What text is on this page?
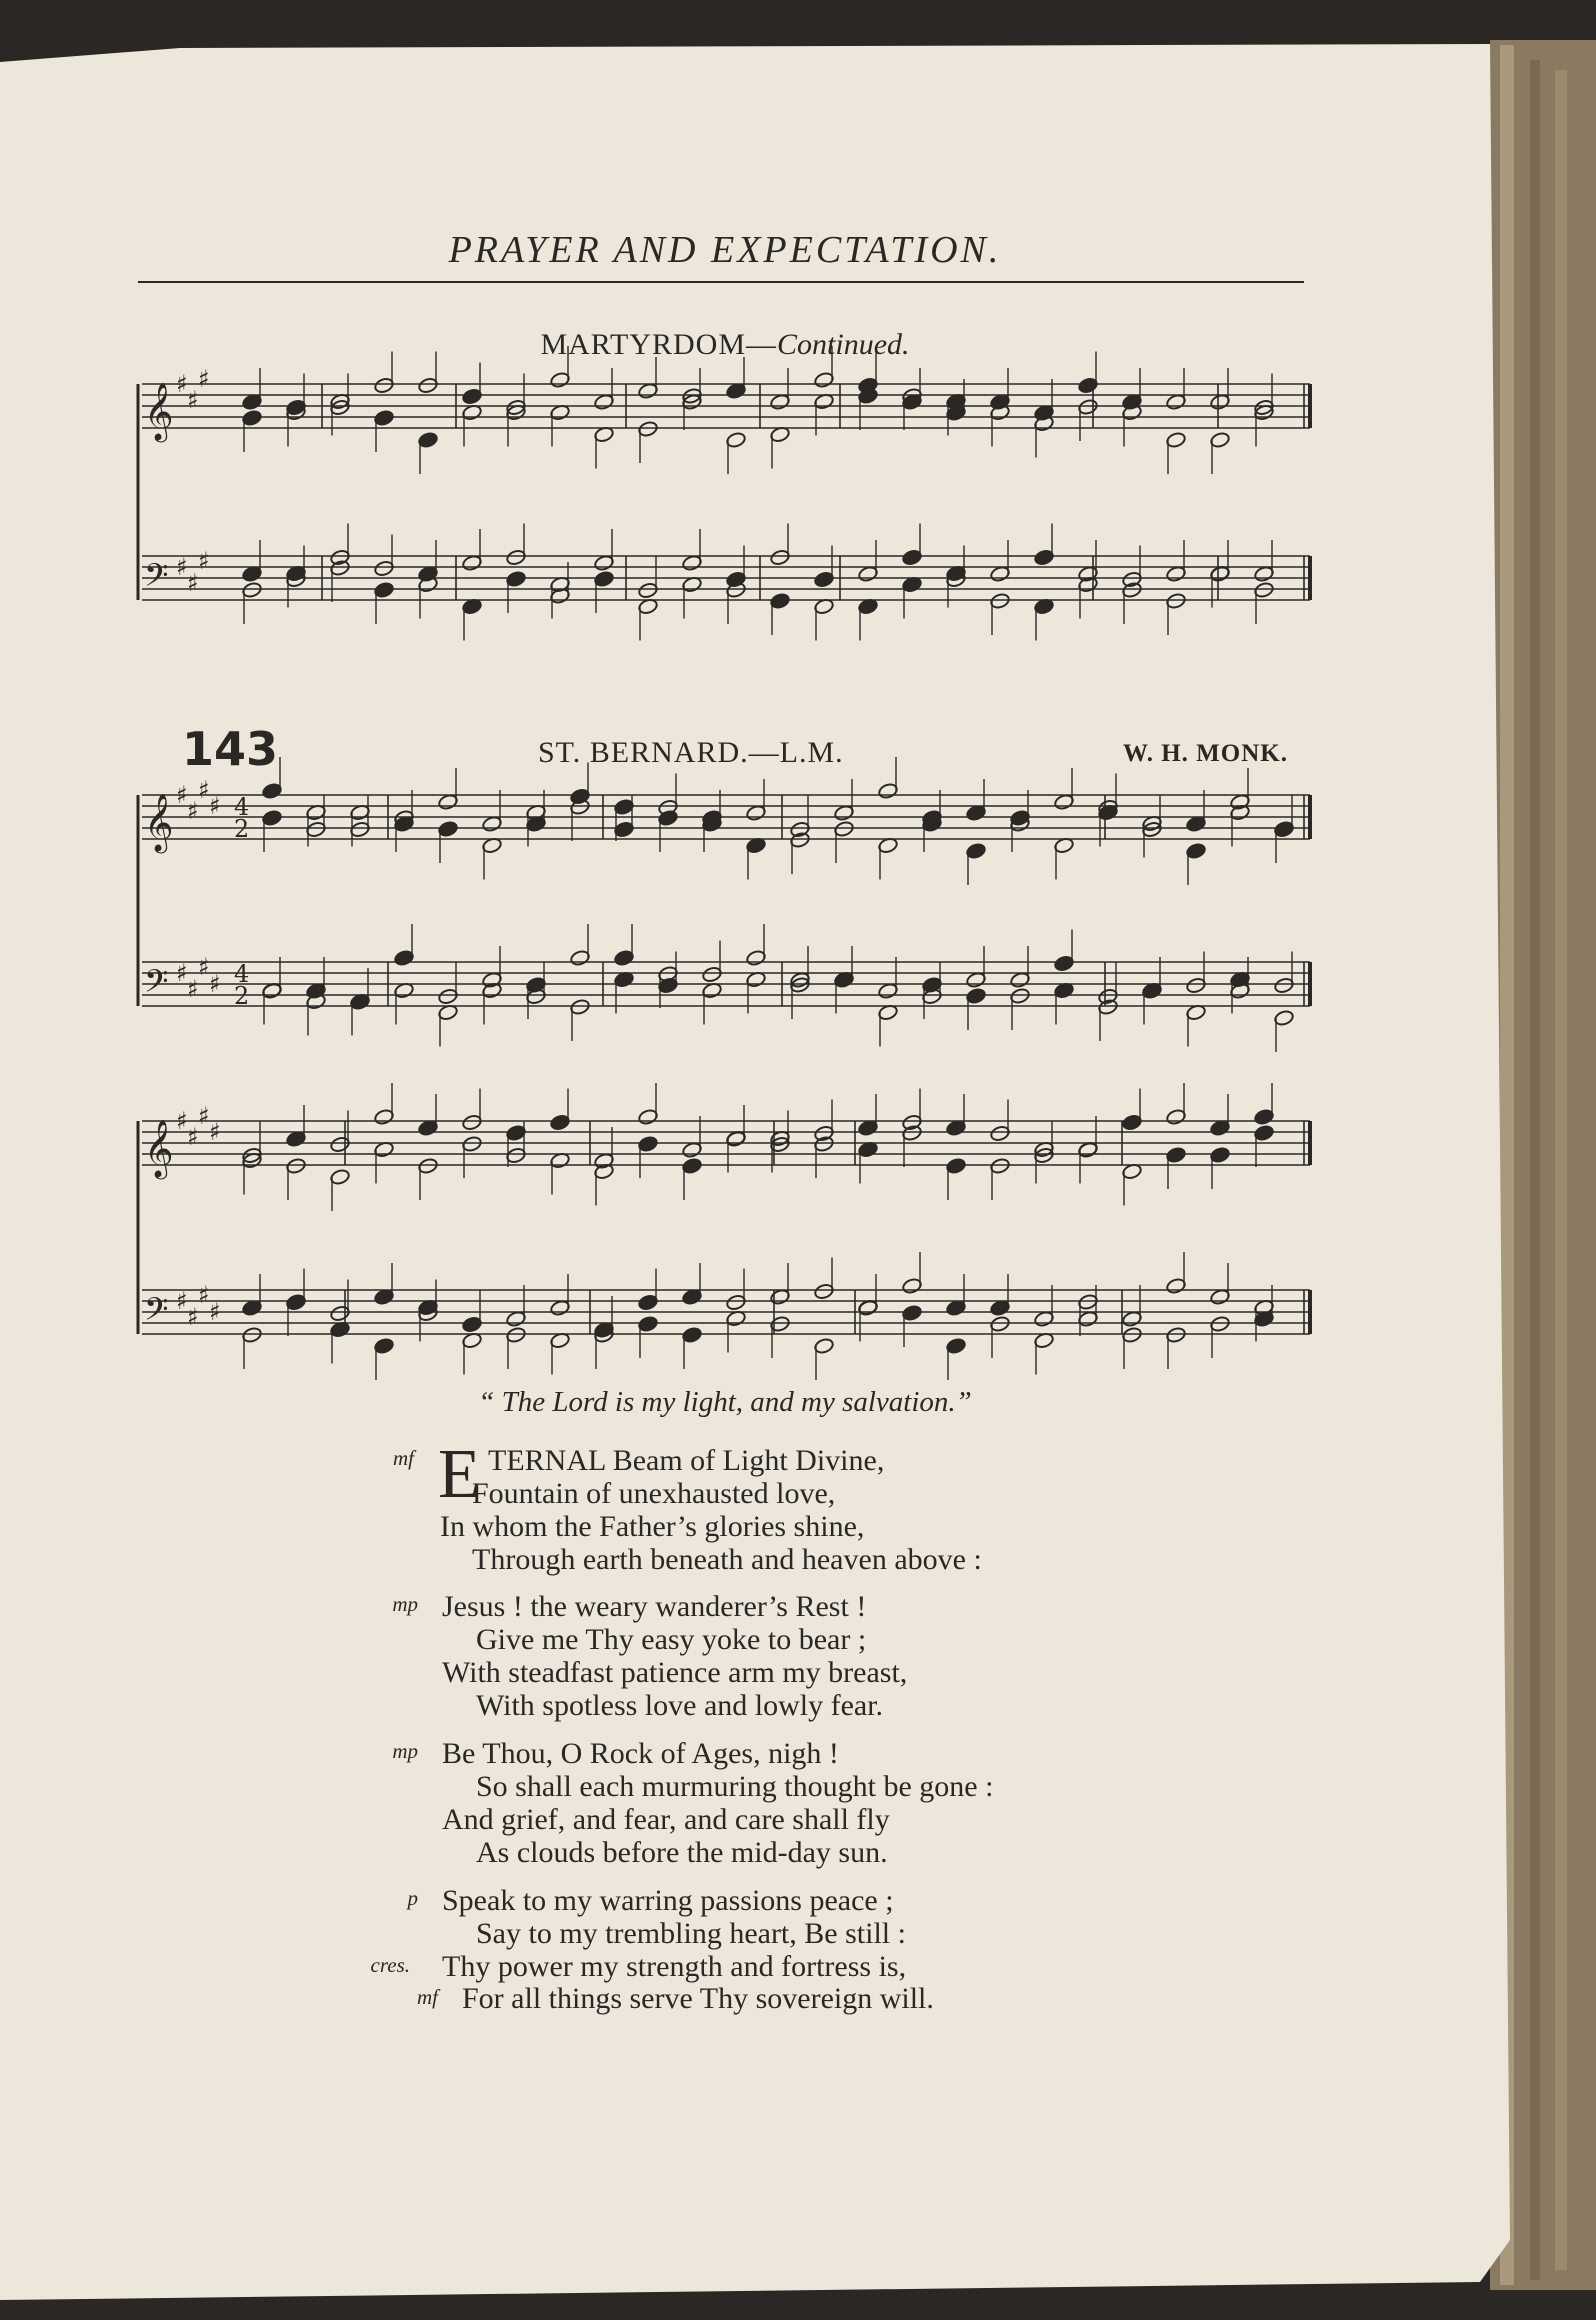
𝄞
𝄢
♯
♯
♯
♯
♯
♯
𝄞
𝄢
♯
♯
♯
♯
♯
♯
♯
♯
4
2
4
2
𝄞
𝄢
♯
♯
♯
♯
♯
♯
♯
♯
PRAYER AND EXPECTATION.
MARTYRDOM—Continued.
143	ST. BERNARD.—L.M.	W. H. MONK.
“ The Lord is my light, and my salvation.”
E
mf TERNAL Beam of Light Divine,
Fountain of unexhausted love,
In whom the Father’s glories shine,
Through earth beneath and heaven above :
mp Jesus ! the weary wanderer’s Rest !
Give me Thy easy yoke to bear ;
With steadfast patience arm my breast,
With spotless love and lowly fear.
mp Be Thou, O Rock of Ages, nigh !
So shall each murmuring thought be gone :
And grief, and fear, and care shall fly
As clouds before the mid-day sun.
p Speak to my warring passions peace ;
Say to my trembling heart, Be still :
cres. Thy power my strength and fortress is,
mf For all things serve Thy sovereign will.
